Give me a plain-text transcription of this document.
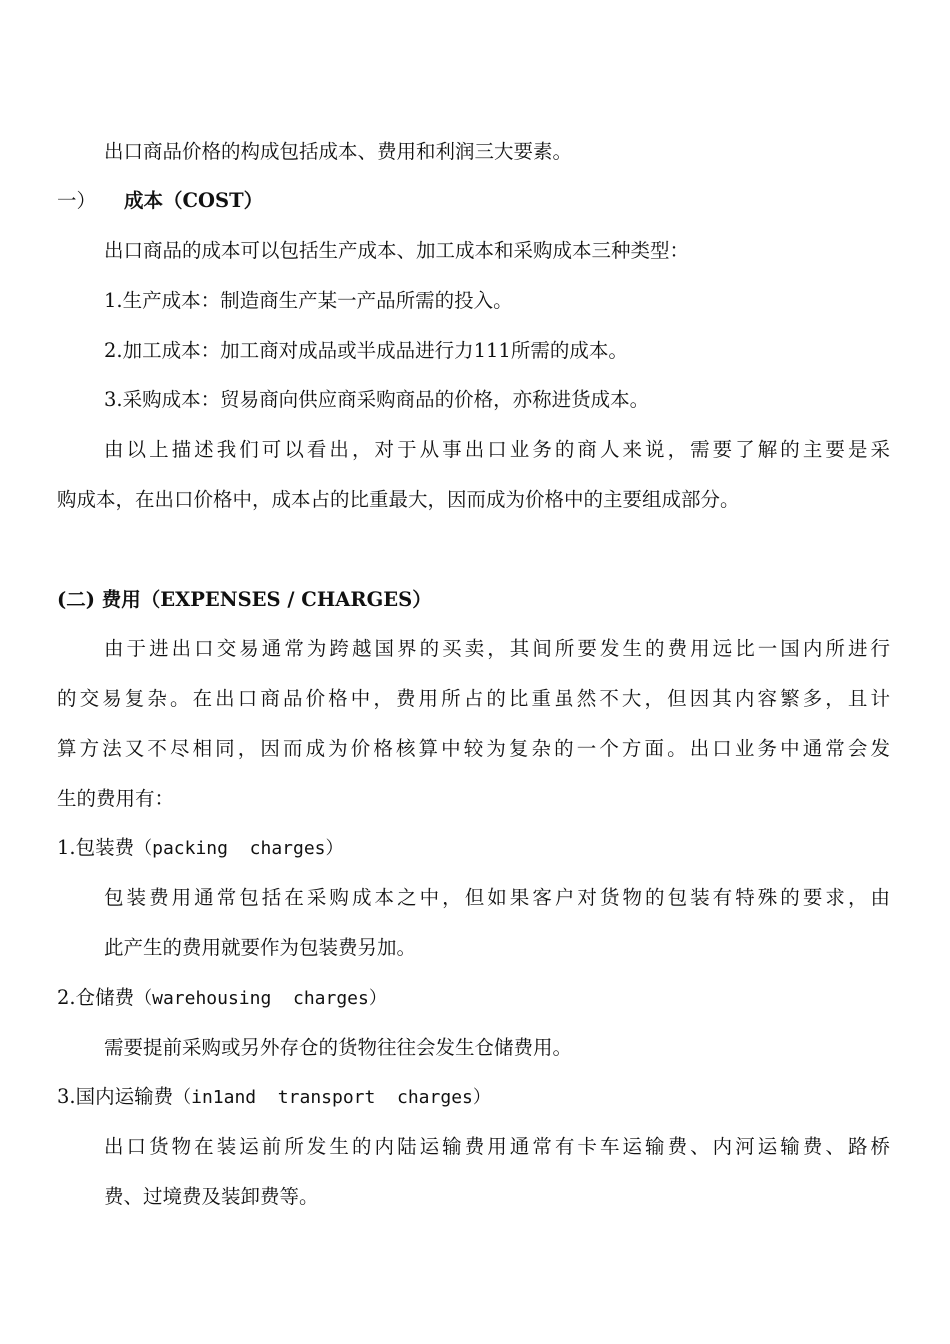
出口商品价格的构成包括成本、费用和利润三大要素。
一） 成本（COST）
出口商品的成本可以包括生产成本、加工成本和采购成本三种类型：
1.生产成本：制造商生产某一产品所需的投入。
2.加工成本：加工商对成品或半成品进行力111所需的成本。
3.采购成本：贸易商向供应商采购商品的价格，亦称进货成本。
由以上描述我们可以看出，对于从事出口业务的商人来说，需要了解的主要是采
购成本，在出口价格中，成本占的比重最大，因而成为价格中的主要组成部分。
(二) 费用（EXPENSES / CHARGES）
由于进出口交易通常为跨越国界的买卖，其间所要发生的费用远比一国内所进行
的交易复杂。在出口商品价格中，费用所占的比重虽然不大，但因其内容繁多，且计
算方法又不尽相同，因而成为价格核算中较为复杂的一个方面。出口业务中通常会发
生的费用有：
1.包装费（packing  charges）
包装费用通常包括在采购成本之中，但如果客户对货物的包装有特殊的要求，由
此产生的费用就要作为包装费另加。
2.仓储费（warehousing  charges）
需要提前采购或另外存仓的货物往往会发生仓储费用。
3.国内运输费（in1and  transport  charges）
出口货物在装运前所发生的内陆运输费用通常有卡车运输费、内河运输费、路桥
费、过境费及装卸费等。
